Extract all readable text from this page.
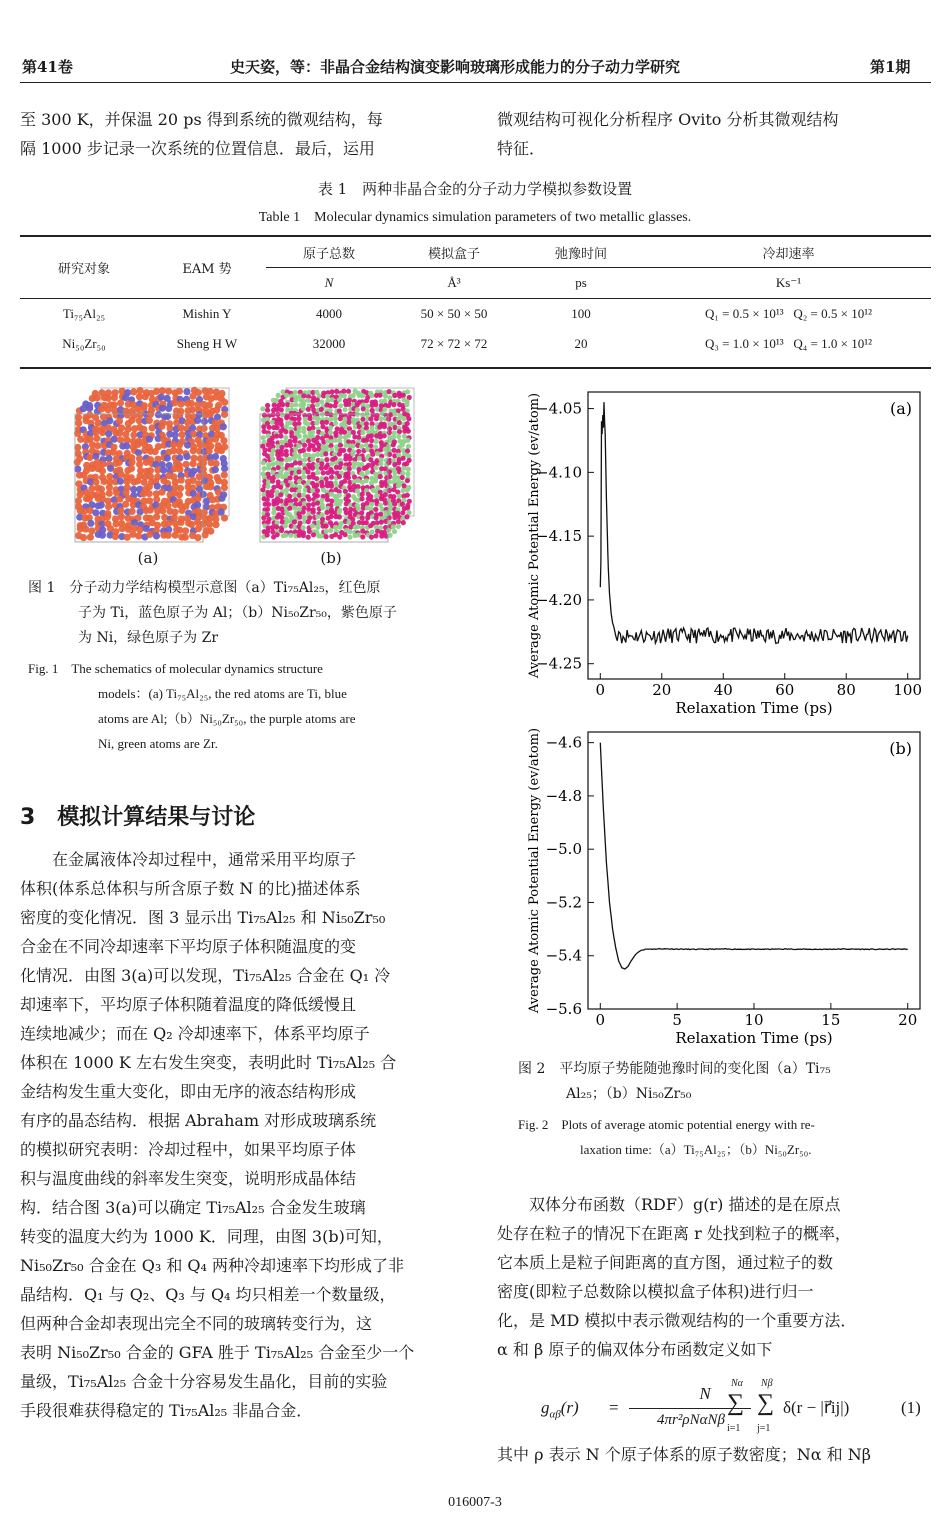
第41卷	史天姿，等：非晶合金结构演变影响玻璃形成能力的分子动力学研究	第1期

至 300 K，并保温 20 ps 得到系统的微观结构，每

隔 1000 步记录一次系统的位置信息．最后，运用

微观结构可视化分析程序 Ovito 分析其微观结构

特征．

表 1　两种非晶合金的分子动力学模拟参数设置
Table 1　Molecular dynamics simulation parameters of two metallic glasses.
研究对象	EAM 势	原子总数	模拟盒子	弛豫时间	冷却速率
		N	Å³	ps	Ks⁻¹
Ti₇₅Al₂₅	Mishin Y	4000	50 × 50 × 50	100	Q₁ = 0.5 × 10¹³ Q₂ = 0.5 × 10¹²
Ni₅₀Zr₅₀	Sheng H W	32000	72 × 72 × 72	20	Q₃ = 1.0 × 10¹³ Q₄ = 1.0 × 10¹²
(a)	(b)
图 1　分子动力学结构模型示意图（a）Ti₇₅Al₂₅，红色原
子为 Ti，蓝色原子为 Al；（b）Ni₅₀Zr₅₀，紫色原子
为 Ni，绿色原子为 Zr
Fig. 1　The schematics of molecular dynamics structure
models：(a) Ti₇₅Al₂₅, the red atoms are Ti, blue
atoms are Al;（b）Ni₅₀Zr₅₀, the purple atoms are
Ni, green atoms are Zr.
3　模拟计算结果与讨论

在金属液体冷却过程中，通常采用平均原子

体积(体系总体积与所含原子数 N 的比)描述体系

密度的变化情况．图 3 显示出 Ti₇₅Al₂₅ 和 Ni₅₀Zr₅₀

合金在不同冷却速率下平均原子体积随温度的变

化情况．由图 3(a)可以发现，Ti₇₅Al₂₅ 合金在 Q₁ 冷

却速率下，平均原子体积随着温度的降低缓慢且

连续地减少；而在 Q₂ 冷却速率下，体系平均原子

体积在 1000 K 左右发生突变，表明此时 Ti₇₅Al₂₅ 合

金结构发生重大变化，即由无序的液态结构形成

有序的晶态结构．根据 Abraham 对形成玻璃系统

的模拟研究表明：冷却过程中，如果平均原子体

积与温度曲线的斜率发生突变，说明形成晶体结

构．结合图 3(a)可以确定 Ti₇₅Al₂₅ 合金发生玻璃

转变的温度大约为 1000 K．同理，由图 3(b)可知，

Ni₅₀Zr₅₀ 合金在 Q₃ 和 Q₄ 两种冷却速率下均形成了非

晶结构．Q₁ 与 Q₂、Q₃ 与 Q₄ 均只相差一个数量级，

但两种合金却表现出完全不同的玻璃转变行为，这

表明 Ni₅₀Zr₅₀ 合金的 GFA 胜于 Ti₇₅Al₂₅ 合金至少一个

量级，Ti₇₅Al₂₅ 合金十分容易发生晶化，目前的实验

手段很难获得稳定的 Ti₇₅Al₂₅ 非晶合金．

−4.05
−4.10
−4.15
−4.20
−4.25
0	20	40	60	80	100
Relaxation Time (ps)
Average Atomic Potential Energy (ev/atom)	(a)
−4.6
−4.8
−5.0
−5.2
−5.4
−5.6
0	5	10	15	20
Relaxation Time (ps)
Average Atomic Potential Energy (ev/atom)	(b)
图 2　平均原子势能随弛豫时间的变化图（a）Ti₇₅
Al₂₅；（b）Ni₅₀Zr₅₀
Fig. 2　Plots of average atomic potential energy with re-
laxation time:（a）Ti₇₅Al₂₅；（b）Ni₅₀Zr₅₀.

双体分布函数（RDF）g(r) 描述的是在原点

处存在粒子的情况下在距离 r 处找到粒子的概率，

它本质上是粒子间距离的直方图，通过粒子的数

密度(即粒子总数除以模拟盒子体积)进行归一

化，是 MD 模拟中表示微观结构的一个重要方法．

α 和 β 原子的偏双体分布函数定义如下

$g_{\alpha\beta}(r)$ =
N
4πr²ρNαNβ
Nα
∑
i=1
Nβ
∑
j=1
δ(r − |r⃗ij|)	(1)
其中 ρ 表示 N 个原子体系的原子数密度；Nα 和 Nβ
016007-3
